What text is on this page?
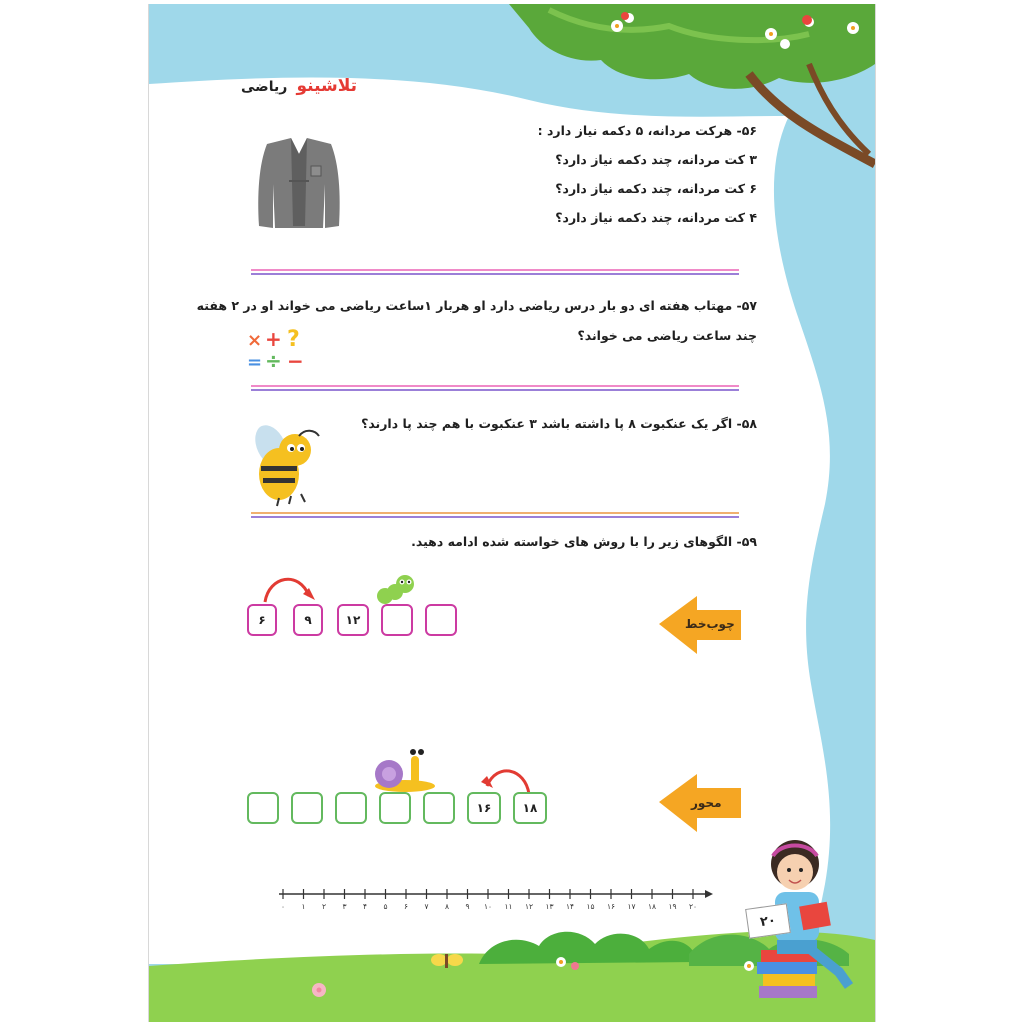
× + ?
= ÷ −
تلاشینو ریاضی
۵۶- هرکت مردانه، ۵ دکمه نیاز دارد :
۳ کت مردانه، چند دکمه نیاز دارد؟
۶ کت مردانه، چند دکمه نیاز دارد؟
۴ کت مردانه، چند دکمه نیاز دارد؟
۵۷- مهتاب هفته ای دو بار درس ریاضی دارد او هربار ۱ساعت ریاضی می خواند او در ۲ هفته
چند ساعت ریاضی می خواند؟
۵۸- اگر یک عنکبوت ۸ پا داشته باشد ۳ عنکبوت با هم چند پا دارند؟
۵۹- الگوهای زیر را با روش های خواسته شده ادامه دهید.
۶	۹	۱۲	چوب‌خط
۱۶	۱۸	محور
۰	۱	۲	۳	۴	۵	۶	۷	۸	۹	۱۰	۱۱	۱۲	۱۳	۱۴	۱۵	۱۶	۱۷	۱۸	۱۹	۲۰
۲۰
